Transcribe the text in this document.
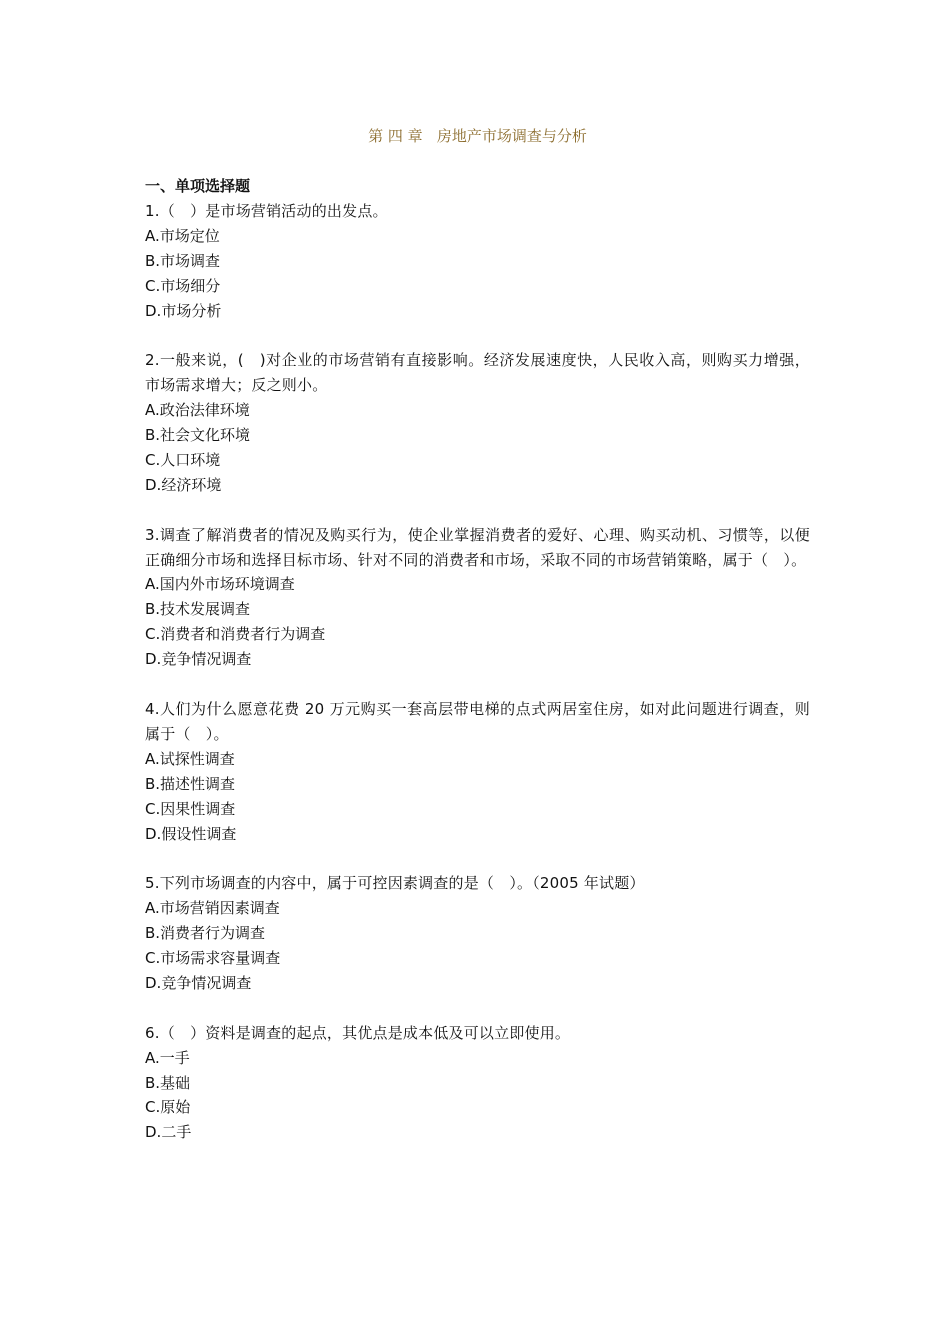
第 四 章   房地产市场调查与分析

一、单项选择题

1.（　）是市场营销活动的出发点。

A.市场定位

B.市场调查

C.市场细分

D.市场分析

2.一般来说，(　)对企业的市场营销有直接影响。经济发展速度快，人民收入高，则购买力增强，市场需求增大；反之则小。

A.政治法律环境

B.社会文化环境

C.人口环境

D.经济环境

3.调查了解消费者的情况及购买行为，使企业掌握消费者的爱好、心理、购买动机、习惯等，以便正确细分市场和选择目标市场、针对不同的消费者和市场，采取不同的市场营销策略，属于（　）。

A.国内外市场环境调查

B.技术发展调查

C.消费者和消费者行为调查

D.竞争情况调查

4.人们为什么愿意花费 20 万元购买一套高层带电梯的点式两居室住房，如对此问题进行调查，则属于（　）。

A.试探性调查

B.描述性调查

C.因果性调查

D.假设性调查

5.下列市场调查的内容中，属于可控因素调查的是（　）。（2005 年试题）

A.市场营销因素调查

B.消费者行为调查

C.市场需求容量调查

D.竞争情况调查

6.（　）资料是调查的起点，其优点是成本低及可以立即使用。

A.一手

B.基础

C.原始

D.二手
